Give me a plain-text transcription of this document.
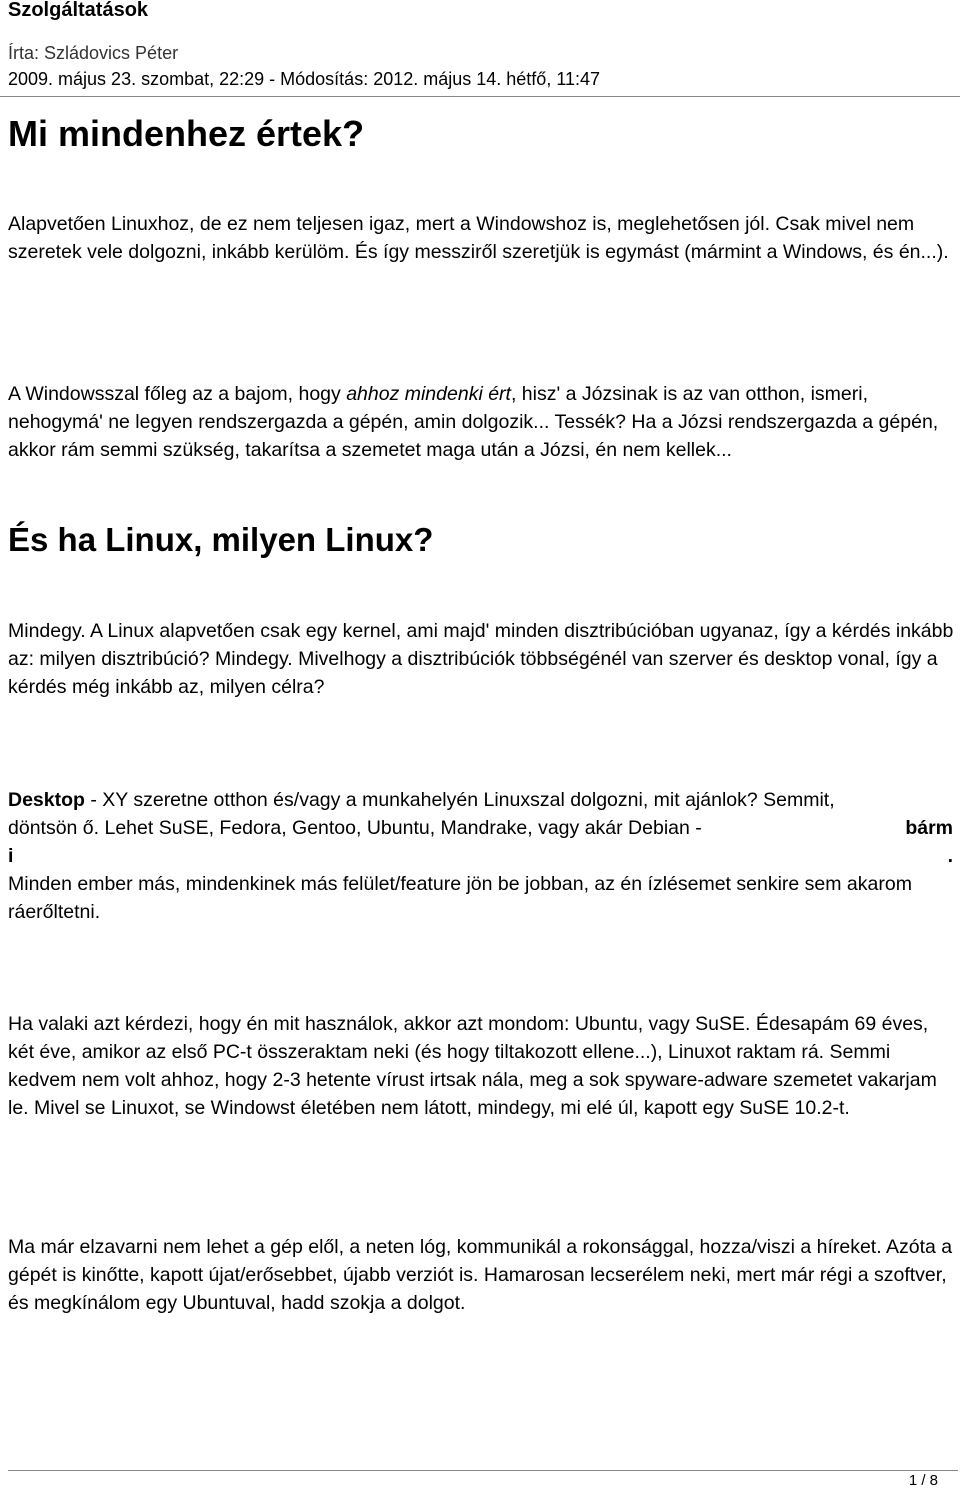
Szolgáltatások
Írta: Szládovics Péter
2009. május 23. szombat, 22:29 - Módosítás: 2012. május 14. hétfő, 11:47
Mi mindenhez értek?

Alapvetően Linuxhoz, de ez nem teljesen igaz, mert a Windowshoz is, meglehetősen jól. Csak mivel nem szeretek vele dolgozni, inkább kerülöm. És így messziről szeretjük is egymást (mármint a Windows, és én...).

A Windowsszal főleg az a bajom, hogy ahhoz mindenki ért, hisz' a Józsinak is az van otthon, ismeri, nehogymá' ne legyen rendszergazda a gépén, amin dolgozik... Tessék? Ha a Józsi rendszergazda a gépén, akkor rám semmi szükség, takarítsa a szemetet maga után a Józsi, én nem kellek...

És ha Linux, milyen Linux?

Mindegy. A Linux alapvetően csak egy kernel, ami majd' minden disztribúcióban ugyanaz, így a kérdés inkább az: milyen disztribúció? Mindegy. Mivelhogy a disztribúciók többségénél van szerver és desktop vonal, így a kérdés még inkább az, milyen célra?

Desktop - XY szeretne otthon és/vagy a munkahelyén Linuxszal dolgozni, mit ajánlok? Semmit,
döntsön ő. Lehet SuSE, Fedora, Gentoo, Ubuntu, Mandrake, vagy akár Debian -	bárm
i	.
Minden ember más, mindenkinek más felület/feature jön be jobban, az én ízlésemet senkire sem akarom ráerőltetni.

Ha valaki azt kérdezi, hogy én mit használok, akkor azt mondom: Ubuntu, vagy SuSE. Édesapám 69 éves, két éve, amikor az első PC-t összeraktam neki (és hogy tiltakozott ellene...), Linuxot raktam rá. Semmi kedvem nem volt ahhoz, hogy 2-3 hetente vírust irtsak nála, meg a sok spyware-adware szemetet vakarjam le. Mivel se Linuxot, se Windowst életében nem látott, mindegy, mi elé úl, kapott egy SuSE 10.2-t.

Ma már elzavarni nem lehet a gép elől, a neten lóg, kommunikál a rokonsággal, hozza/viszi a híreket. Azóta a gépét is kinőtte, kapott újat/erősebbet, újabb verziót is. Hamarosan lecserélem neki, mert már régi a szoftver, és megkínálom egy Ubuntuval, hadd szokja a dolgot.

1 / 8
